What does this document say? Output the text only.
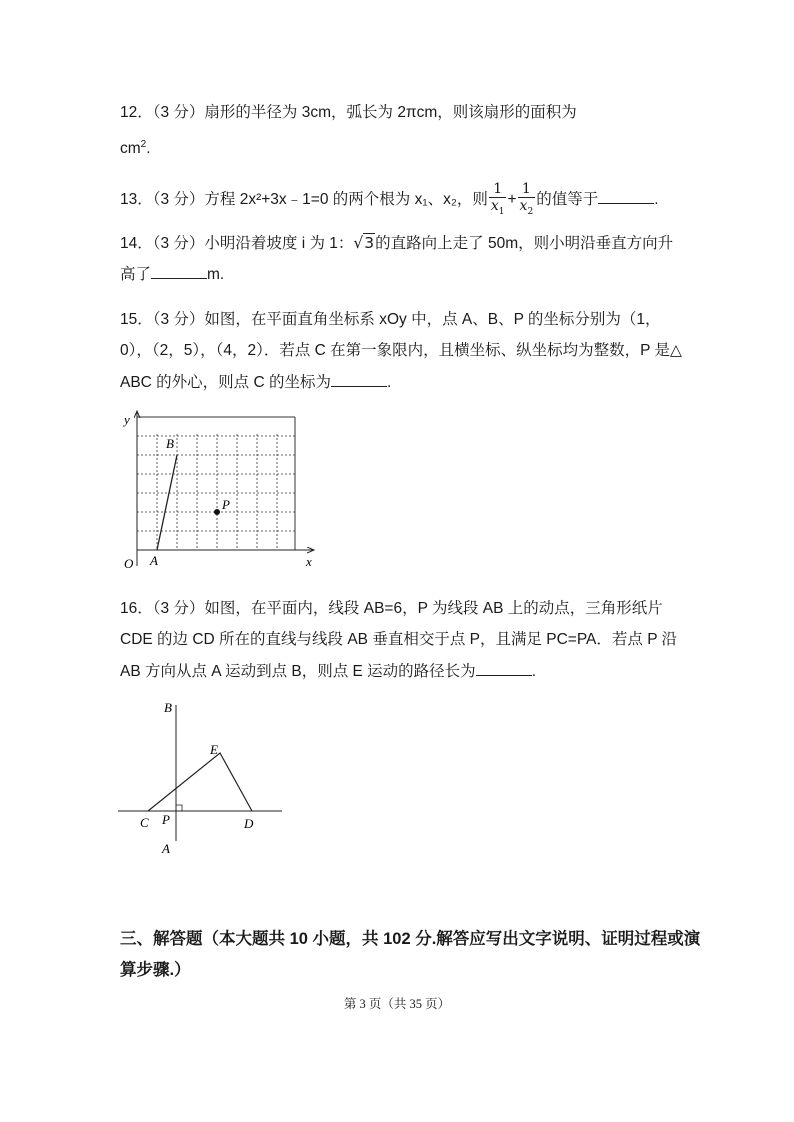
12．（3 分）扇形的半径为 3cm，弧长为 2πcm，则该扇形的面积为
$cm^2$.
13．（3 分）方程 2x²+3x﹣1=0 的两个根为 x₁、x₂，则 $\frac{1}{x_1} + \frac{1}{x_2}$ 的值等于	.
14．（3 分）小明沿着坡度 i 为 1：√3的直路向上走了 50m，则小明沿垂直方向升
高了	m.
15．（3 分）如图，在平面直角坐标系 xOy 中，点 A、B、P 的坐标分别为（1，
0），（2，5），（4，2）．若点 C 在第一象限内，且横坐标、纵坐标均为整数，P 是△
ABC 的外心，则点 C 的坐标为	.
y
x
O A
B
P
16．（3 分）如图，在平面内，线段 AB=6，P 为线段 AB 上的动点，三角形纸片
CDE 的边 CD 所在的直线与线段 AB 垂直相交于点 P，且满足 PC=PA．若点 P 沿
AB 方向从点 A 运动到点 B，则点 E 运动的路径长为	.
B
E
C P	D
A
三、解答题（本大题共 10 小题，共 102 分.解答应写出文字说明、证明过程或演
算步骤.）
第 3 页（共 35 页）
